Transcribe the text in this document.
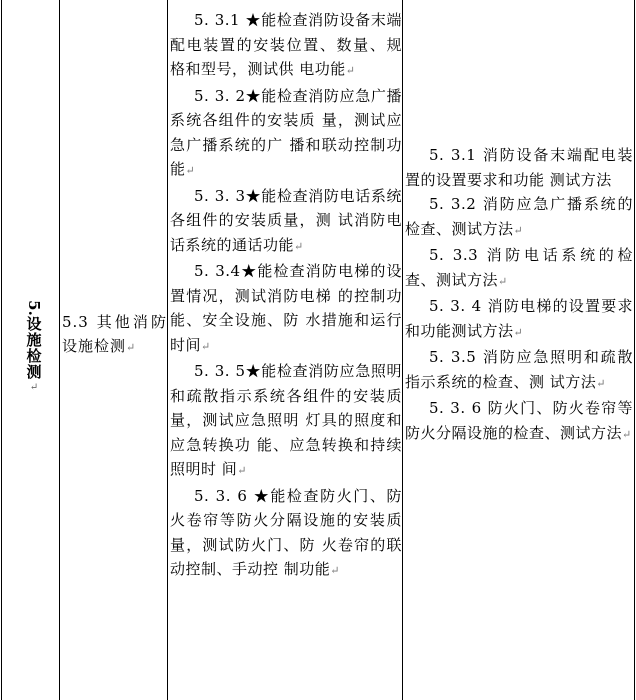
5.
设
施
检
测
↵
5.3 其他消防设施检测↵

5. 3.1 ★能检查消防设备末端配电装置的安装位置、数量、规格和型号，测试供 电功能↵

5. 3. 2★能检查消防应急广播系统各组件的安装质 量，测试应急广播系统的广 播和联动控制功能↵

5. 3. 3★能检查消防电话系统各组件的安装质量，测 试消防电话系统的通话功能↵

5. 3.4★能检查消防电梯的设置情况，测试消防电梯 的控制功能、安全设施、防 水措施和运行时间↵

5. 3. 5★能检查消防应急照明和疏散指示系统各组件的安装质量，测试应急照明 灯具的照度和应急转换功 能、应急转换和持续照明时 间↵

5. 3. 6 ★能检查防火门、防火卷帘等防火分隔设施的安装质量，测试防火门、防 火卷帘的联动控制、手动控 制功能↵

5. 3.1 消防设备末端配电装置的设置要求和功能 测试方法

5. 3.2 消防应急广播系统的检查、测试方法↵

5. 3.3 消防电话系统的检查、测试方法↵

5. 3. 4 消防电梯的设置要求和功能测试方法↵

5. 3.5 消防应急照明和疏散指示系统的检查、测 试方法↵

5. 3. 6 防火门、防火卷帘等防火分隔设施的检查、测试方法↵
